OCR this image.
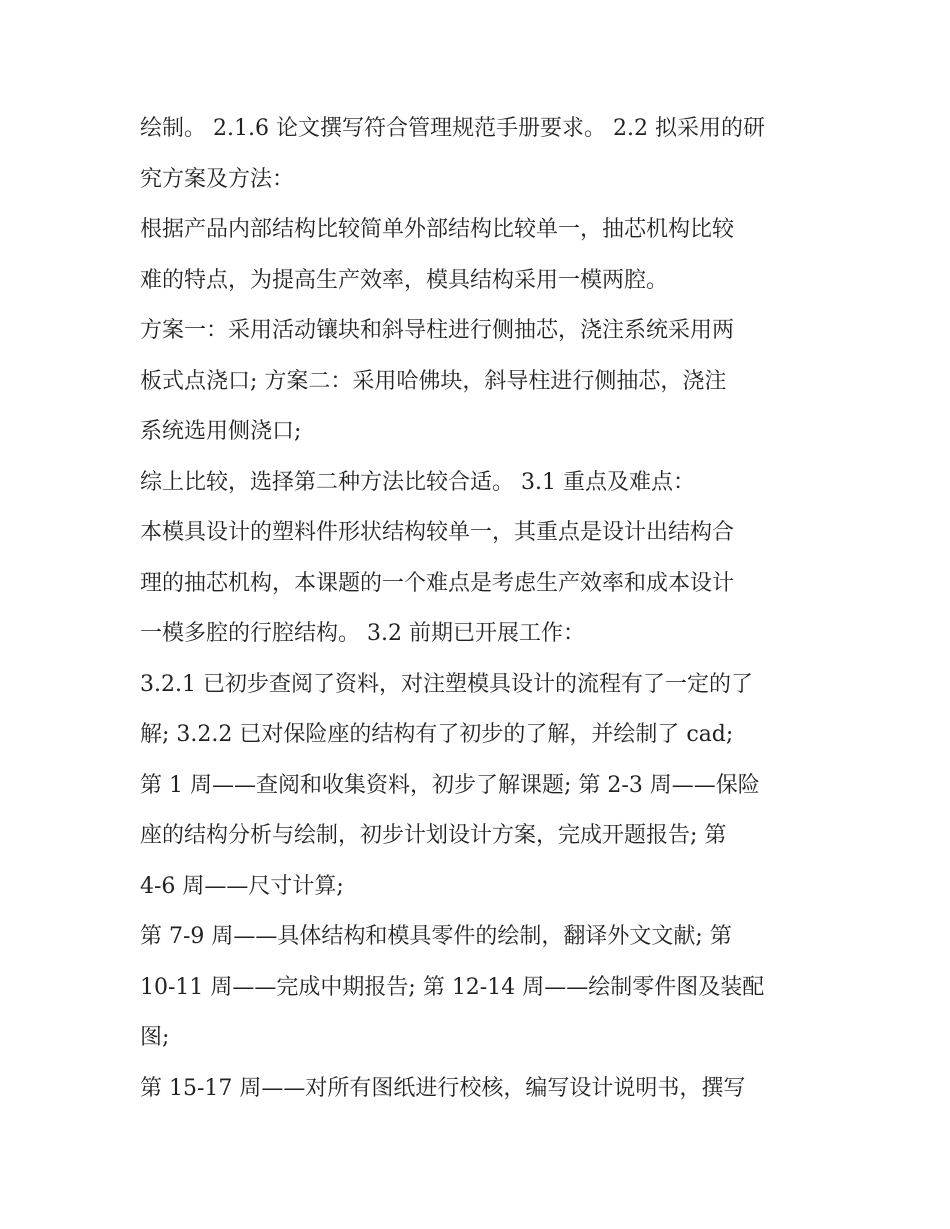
绘制。 2.1.6 论文撰写符合管理规范手册要求。 2.2 拟采用的研
究方案及方法：
根据产品内部结构比较简单外部结构比较单一，抽芯机构比较
难的特点，为提高生产效率，模具结构采用一模两腔。
方案一：采用活动镶块和斜导柱进行侧抽芯，浇注系统采用两
板式点浇口; 方案二：采用哈佛块，斜导柱进行侧抽芯，浇注
系统选用侧浇口;
综上比较，选择第二种方法比较合适。 3.1 重点及难点：
本模具设计的塑料件形状结构较单一，其重点是设计出结构合
理的抽芯机构，本课题的一个难点是考虑生产效率和成本设计
一模多腔的行腔结构。 3.2 前期已开展工作：
3.2.1 已初步查阅了资料，对注塑模具设计的流程有了一定的了
解; 3.2.2 已对保险座的结构有了初步的了解，并绘制了 cad;
第 1 周——查阅和收集资料，初步了解课题; 第 2-3 周——保险
座的结构分析与绘制，初步计划设计方案，完成开题报告; 第
4-6 周——尺寸计算;
第 7-9 周——具体结构和模具零件的绘制，翻译外文文献; 第
10-11 周——完成中期报告; 第 12-14 周——绘制零件图及装配
图;
第 15-17 周——对所有图纸进行校核，编写设计说明书，撰写
